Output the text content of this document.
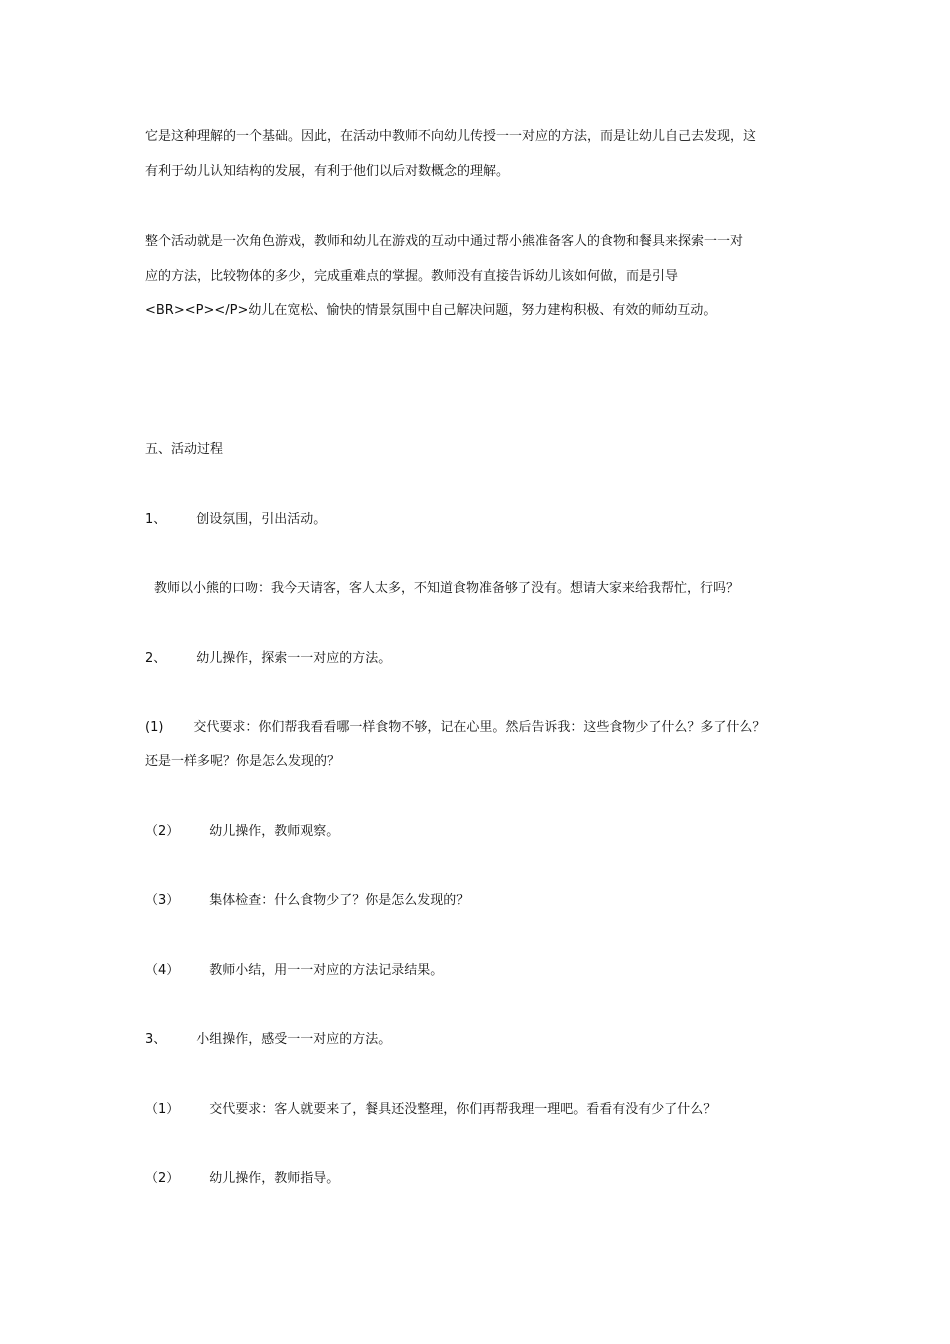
它是这种理解的一个基础。因此，在活动中教师不向幼儿传授一一对应的方法，而是让幼儿自己去发现，这
有利于幼儿认知结构的发展，有利于他们以后对数概念的理解。
整个活动就是一次角色游戏，教师和幼儿在游戏的互动中通过帮小熊准备客人的食物和餐具来探索一一对
应的方法，比较物体的多少，完成重难点的掌握。教师没有直接告诉幼儿该如何做，而是引导
<BR><P></P>幼儿在宽松、愉快的情景氛围中自己解决问题，努力建构积极、有效的师幼互动。
五、活动过程
1、 创设氛围，引出活动。
教师以小熊的口吻：我今天请客，客人太多，不知道食物准备够了没有。想请大家来给我帮忙，行吗？
2、 幼儿操作，探索一一对应的方法。
(1) 交代要求：你们帮我看看哪一样食物不够，记在心里。然后告诉我：这些食物少了什么？多了什么？
还是一样多呢？你是怎么发现的？
（2） 幼儿操作，教师观察。
（3） 集体检查：什么食物少了？你是怎么发现的？
（4） 教师小结，用一一对应的方法记录结果。
3、 小组操作，感受一一对应的方法。
（1） 交代要求：客人就要来了，餐具还没整理，你们再帮我理一理吧。看看有没有少了什么？
（2） 幼儿操作，教师指导。
